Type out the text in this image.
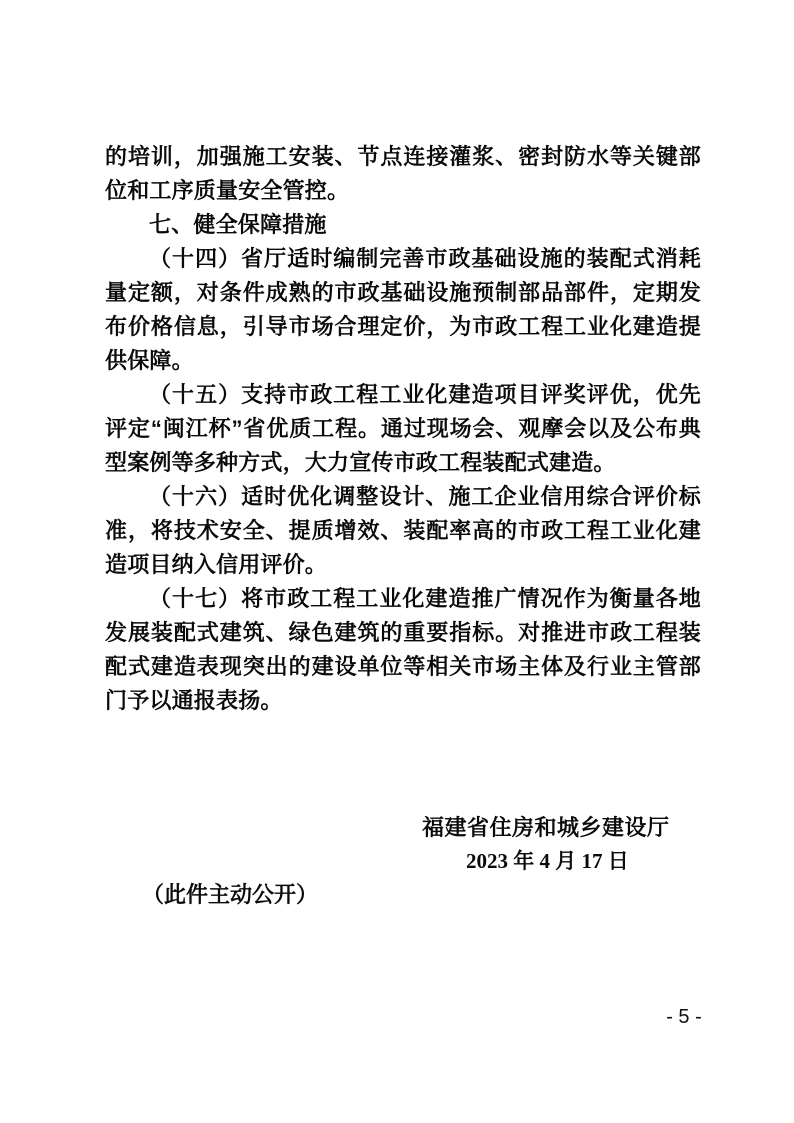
的培训，加强施工安装、节点连接灌浆、密封防水等关键部位和工序质量安全管控。

七、健全保障措施

（十四）省厅适时编制完善市政基础设施的装配式消耗量定额，对条件成熟的市政基础设施预制部品部件，定期发布价格信息，引导市场合理定价，为市政工程工业化建造提供保障。

（十五）支持市政工程工业化建造项目评奖评优，优先评定“闽江杯”省优质工程。通过现场会、观摩会以及公布典型案例等多种方式，大力宣传市政工程装配式建造。

（十六）适时优化调整设计、施工企业信用综合评价标准，将技术安全、提质增效、装配率高的市政工程工业化建造项目纳入信用评价。

（十七）将市政工程工业化建造推广情况作为衡量各地发展装配式建筑、绿色建筑的重要指标。对推进市政工程装配式建造表现突出的建设单位等相关市场主体及行业主管部门予以通报表扬。

福建省住房和城乡建设厅
2023 年 4 月 17 日
（此件主动公开）
- 5 -
